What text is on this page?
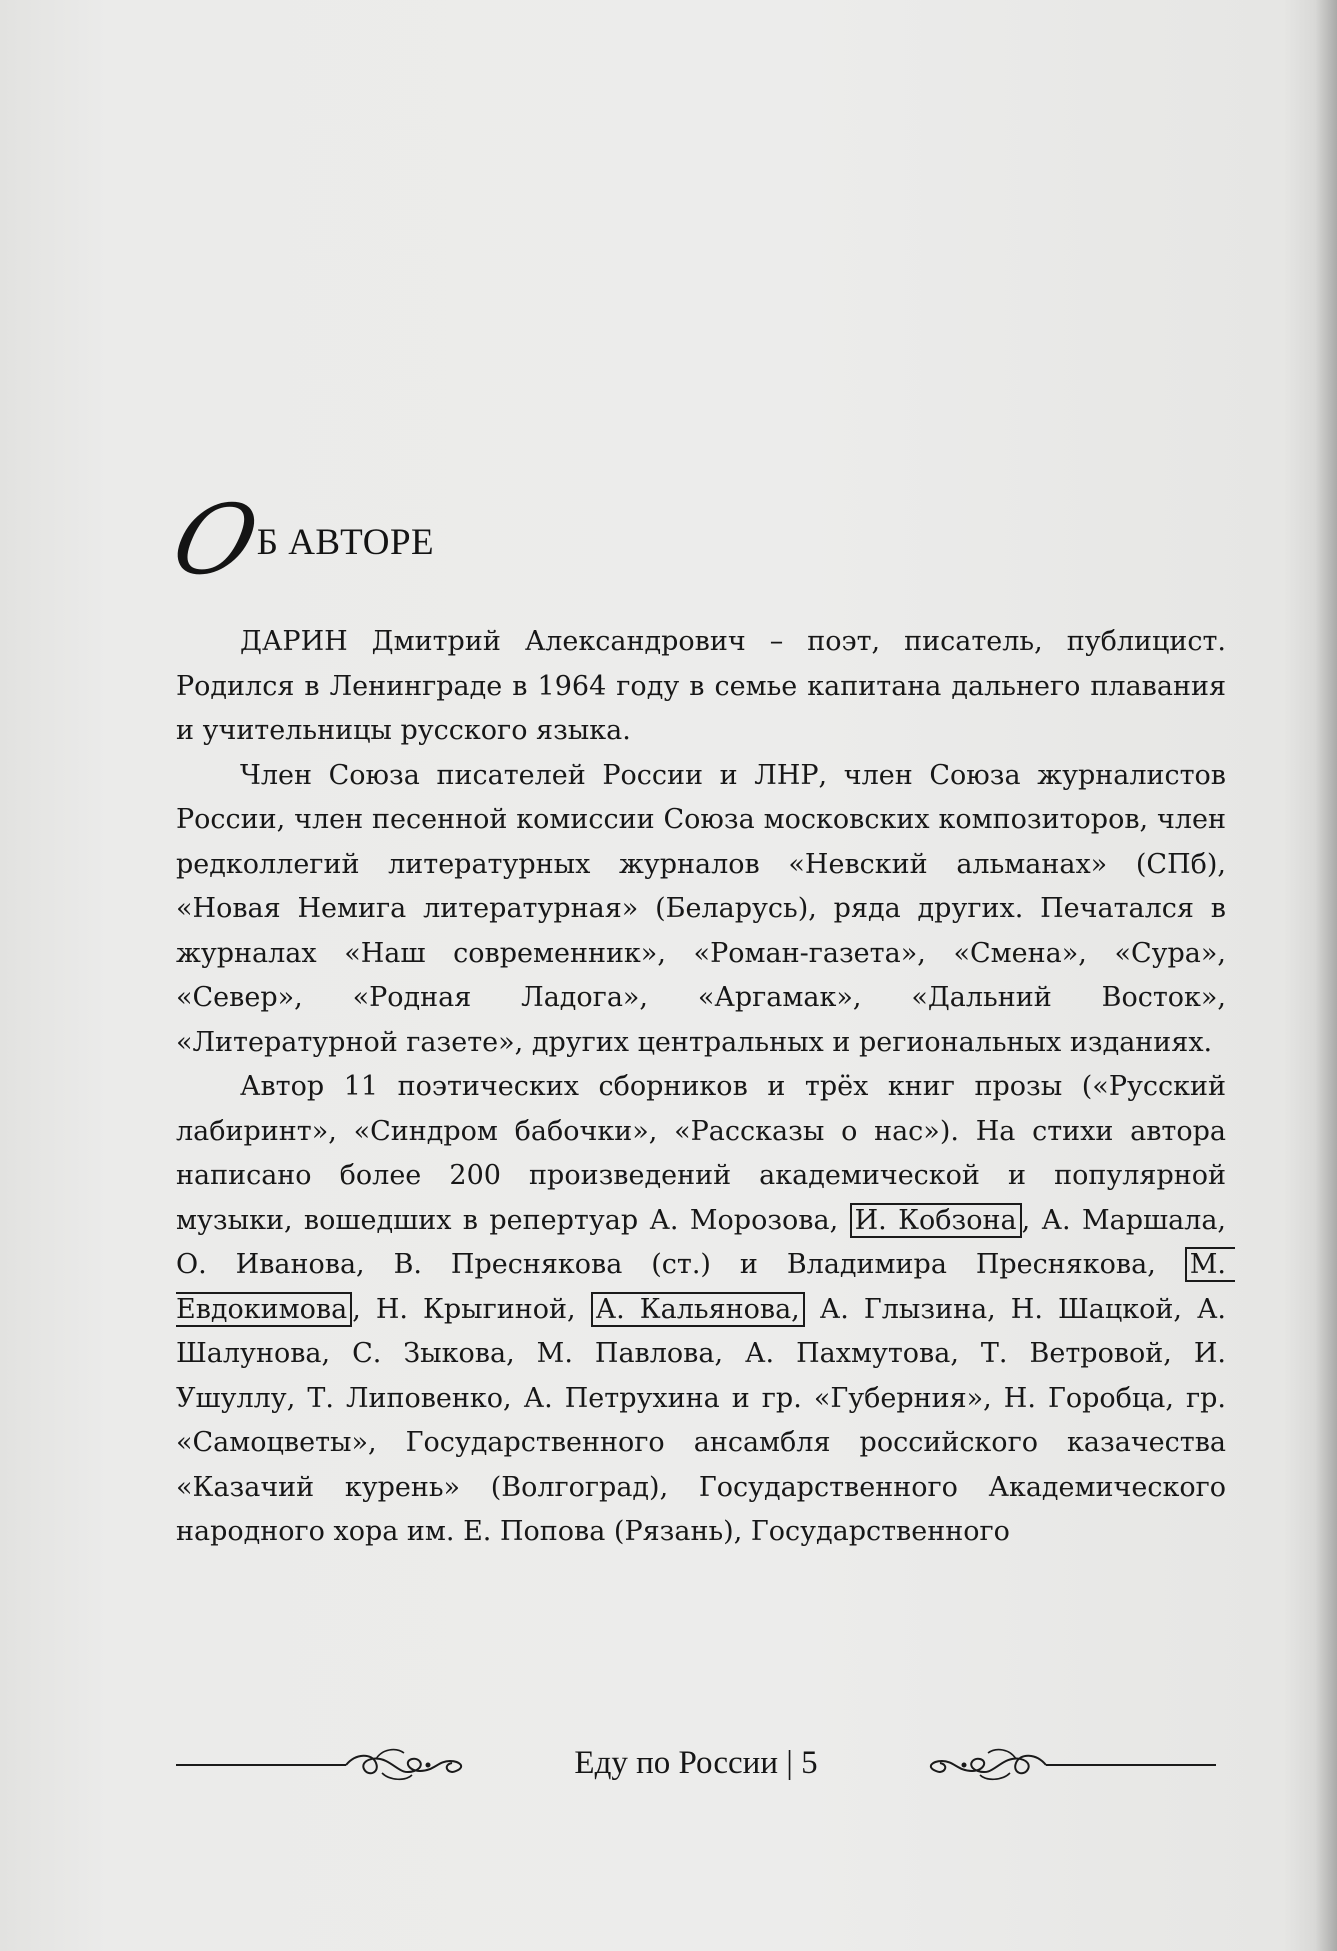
О
Б АВТОРЕ

ДАРИН Дмитрий Александрович – поэт, писатель, публицист. Родился в Ленинграде в 1964 году в семье капитана дальнего плавания и учительницы русского языка.

Член Союза писателей России и ЛНР, член Союза журналистов России, член песенной комиссии Союза московских композиторов, член редколлегий литературных журналов «Невский альманах» (СПб), «Новая Немига литературная» (Беларусь), ряда других. Печатался в журналах «Наш современник», «Роман-газета», «Смена», «Сура», «Север», «Родная Ладога», «Аргамак», «Дальний Восток», «Литературной газете», других центральных и региональных изданиях.

Автор 11 поэтических сборников и трёх книг прозы («Русский лабиринт», «Синдром бабочки», «Рассказы о нас»). На стихи автора написано более 200 произведений академической и популярной музыки, вошедших в репертуар А. Морозова, И. Кобзона , А. Маршала, О. Иванова, В. Преснякова (ст.) и Владимира Преснякова, М. Евдокимова , Н. Крыгиной, А. Кальянова, А. Глызина, Н. Шацкой, А. Шалунова, С. Зыкова, М. Павлова, А. Пахмутова, Т. Ветровой, И. Ушуллу, Т. Липовенко, А. Петрухина и гр. «Губерния», Н. Горобца, гр. «Самоцветы», Государственного ансамбля российского казачества «Казачий курень» (Волгоград), Государственного Академического народного хора им. Е. Попова (Рязань), Государственного

Еду по России | 5
